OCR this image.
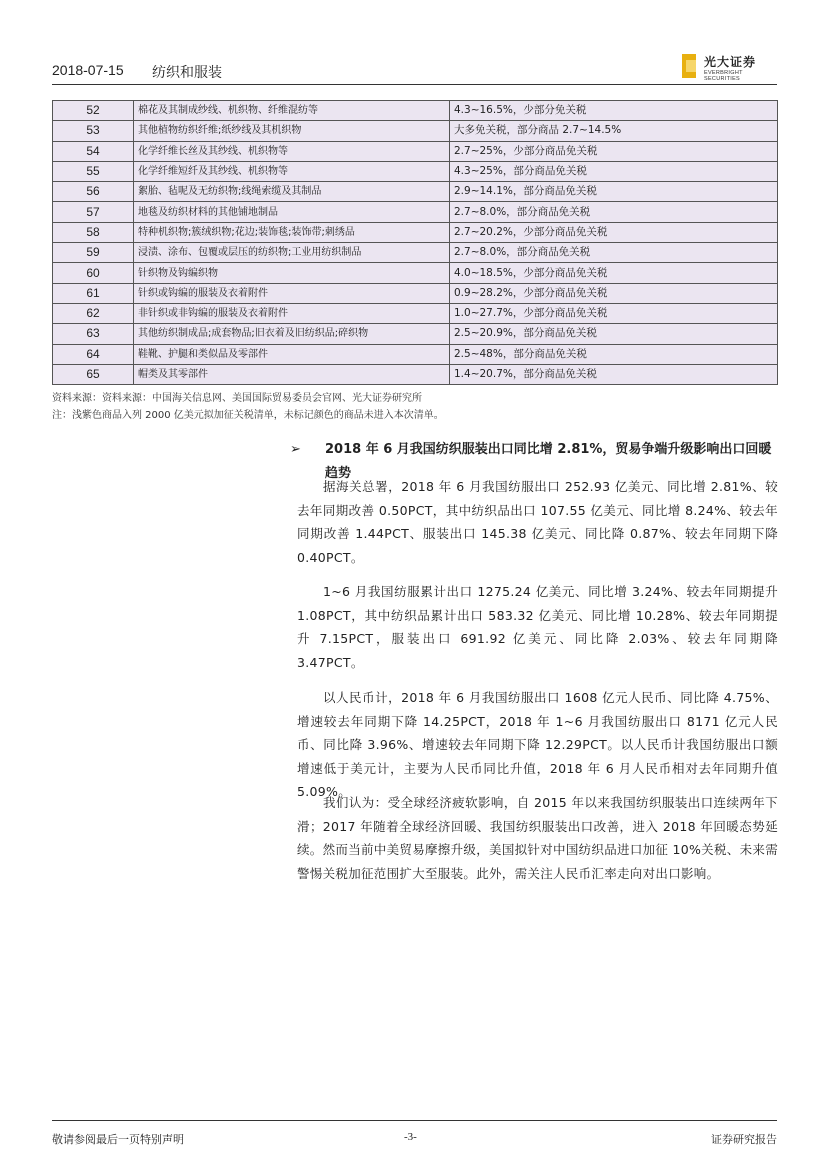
2018-07-15 纺织和服装
光大证券
EVERBRIGHT SECURITIES
52	棉花及其制成纱线、机织物、纤维混纺等	4.3~16.5%，少部分免关税
53	其他植物纺织纤维;纸纱线及其机织物	大多免关税，部分商品 2.7~14.5%
54	化学纤维长丝及其纱线、机织物等	2.7~25%，少部分商品免关税
55	化学纤维短纤及其纱线、机织物等	4.3~25%，部分商品免关税
56	絮胎、毡呢及无纺织物;线绳索缆及其制品	2.9~14.1%，部分商品免关税
57	地毯及纺织材料的其他铺地制品	2.7~8.0%，部分商品免关税
58	特种机织物;簇绒织物;花边;装饰毯;装饰带;刺绣品	2.7~20.2%，少部分商品免关税
59	浸渍、涂布、包覆或层压的纺织物;工业用纺织制品	2.7~8.0%，部分商品免关税
60	针织物及钩编织物	4.0~18.5%，少部分商品免关税
61	针织或钩编的服装及衣着附件	0.9~28.2%，少部分商品免关税
62	非针织或非钩编的服装及衣着附件	1.0~27.7%，少部分商品免关税
63	其他纺织制成品;成套物品;旧衣着及旧纺织品;碎织物	2.5~20.9%，部分商品免关税
64	鞋靴、护腿和类似品及零部件	2.5~48%，部分商品免关税
65	帽类及其零部件	1.4~20.7%，部分商品免关税
资料来源：资料来源：中国海关信息网、美国国际贸易委员会官网、光大证券研究所
注：浅紫色商品入列 2000 亿美元拟加征关税清单，未标记颜色的商品未进入本次清单。
➢	2018 年 6 月我国纺织服装出口同比增 2.81%，贸易争端升级影响出口回暖趋势

据海关总署，2018 年 6 月我国纺服出口 252.93 亿美元、同比增 2.81%、较去年同期改善 0.50PCT，其中纺织品出口 107.55 亿美元、同比增 8.24%、较去年同期改善 1.44PCT、服装出口 145.38 亿美元、同比降 0.87%、较去年同期下降 0.40PCT。

1~6 月我国纺服累计出口 1275.24 亿美元、同比增 3.24%、较去年同期提升 1.08PCT，其中纺织品累计出口 583.32 亿美元、同比增 10.28%、较去年同期提升 7.15PCT，服装出口 691.92 亿美元、同比降 2.03%、较去年同期降 3.47PCT。

以人民币计，2018 年 6 月我国纺服出口 1608 亿元人民币、同比降 4.75%、增速较去年同期下降 14.25PCT，2018 年 1~6 月我国纺服出口 8171 亿元人民币、同比降 3.96%、增速较去年同期下降 12.29PCT。以人民币计我国纺服出口额增速低于美元计，主要为人民币同比升值，2018 年 6 月人民币相对去年同期升值 5.09%。

我们认为：受全球经济疲软影响，自 2015 年以来我国纺织服装出口连续两年下滑；2017 年随着全球经济回暖、我国纺织服装出口改善，进入 2018 年回暖态势延续。然而当前中美贸易摩擦升级，美国拟针对中国纺织品进口加征 10%关税、未来需警惕关税加征范围扩大至服装。此外，需关注人民币汇率走向对出口影响。

敬请参阅最后一页特别声明	-3-	证券研究报告
